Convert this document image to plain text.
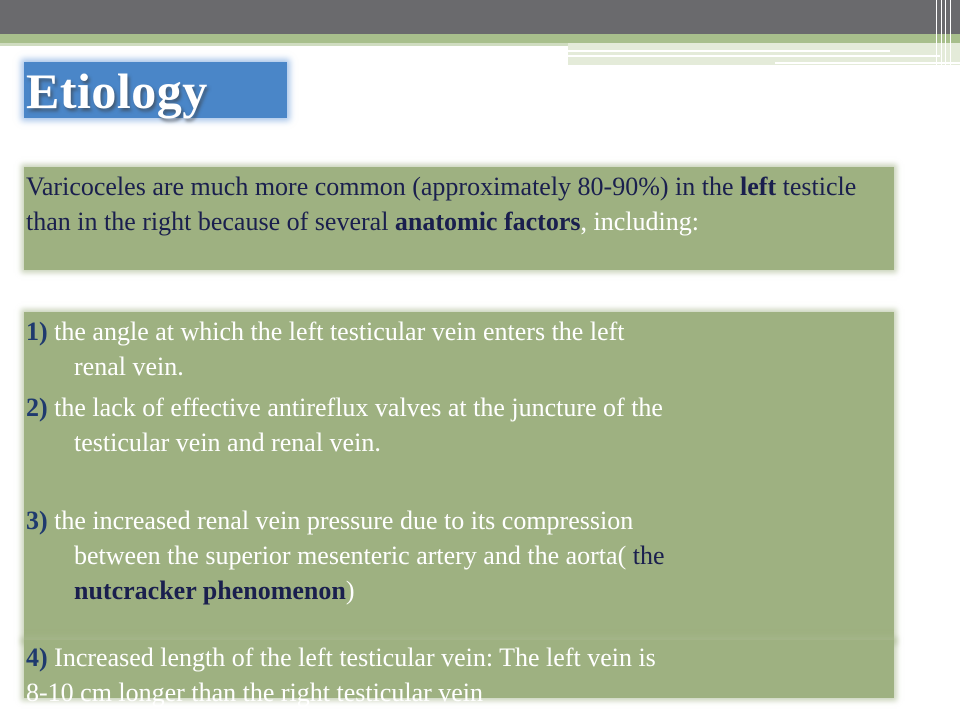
Etiology
Varicoceles are much more common (approximately 80-90%) in the left testicle than in the right because of several anatomic factors, including:
1) the angle at which the left testicular vein enters the left
renal vein.
2) the lack of effective antireflux valves at the juncture of the
testicular vein and renal vein.
3) the increased renal vein pressure due to its compression
between the superior mesenteric artery and the aorta( the
nutcracker phenomenon)
4) Increased length of the left testicular vein: The left vein is
8-10 cm longer than the right testicular vein
